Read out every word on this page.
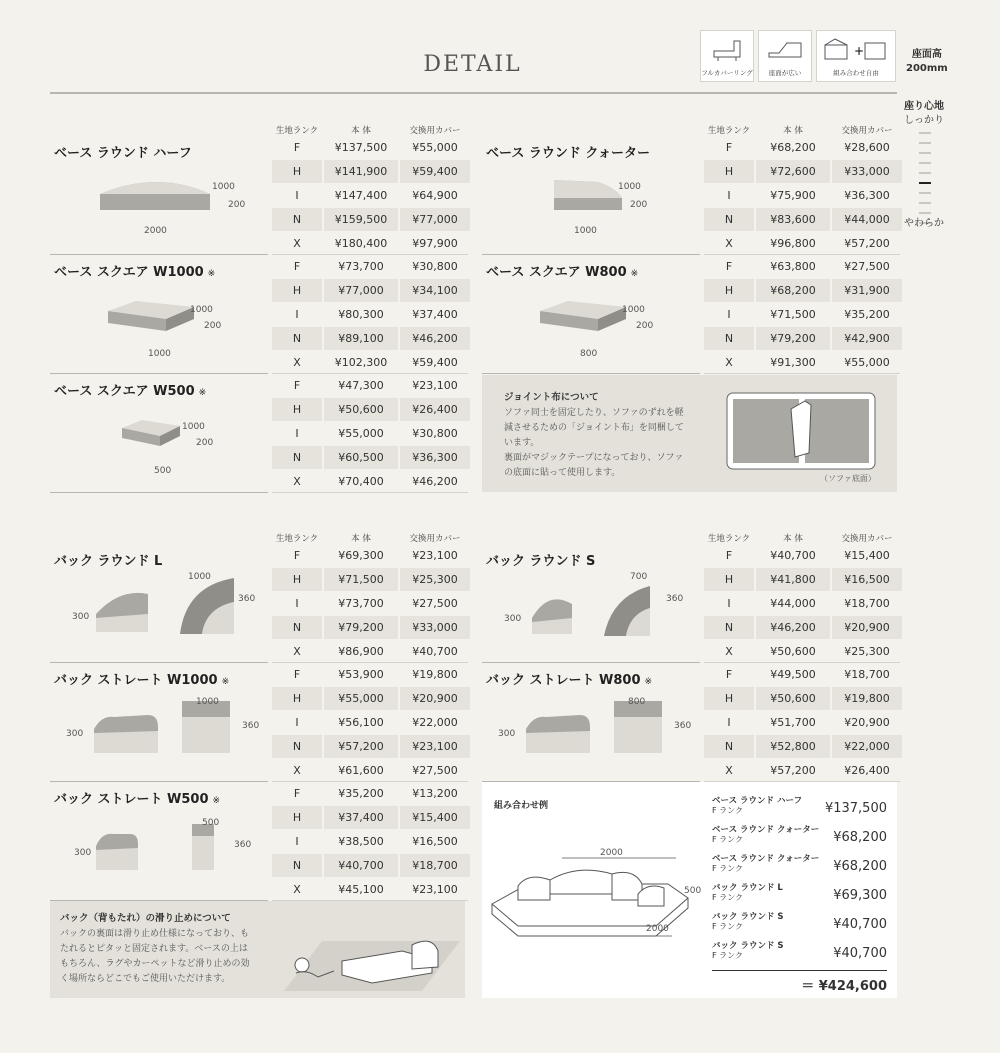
DETAIL	フルカバーリング	座面が広い
+
組み合わせ自由
座面高
200mm
座り心地
しっかり
やわらか
生地ランク	本 体	交換用カバー	生地ランク	本 体	交換用カバー
生地ランク	本 体	交換用カバー	生地ランク	本 体	交換用カバー
ベース ラウンド ハーフ
1000
200
2000
F	¥137,500	¥55,000
H	¥141,900	¥59,400
I	¥147,400	¥64,900
N	¥159,500	¥77,000
X	¥180,400	¥97,900
ベース ラウンド クォーター
1000
200
1000
F	¥68,200	¥28,600
H	¥72,600	¥33,000
I	¥75,900	¥36,300
N	¥83,600	¥44,000
X	¥96,800	¥57,200
ベース スクエア W1000 ※
1000
200
1000
F	¥73,700	¥30,800
H	¥77,000	¥34,100
I	¥80,300	¥37,400
N	¥89,100	¥46,200
X	¥102,300	¥59,400
ベース スクエア W800 ※
1000
200
800
F	¥63,800	¥27,500
H	¥68,200	¥31,900
I	¥71,500	¥35,200
N	¥79,200	¥42,900
X	¥91,300	¥55,000
ベース スクエア W500 ※
1000
200
500
F	¥47,300	¥23,100
H	¥50,600	¥26,400
I	¥55,000	¥30,800
N	¥60,500	¥36,300
X	¥70,400	¥46,200
バック ラウンド L
1000
360
300
F	¥69,300	¥23,100
H	¥71,500	¥25,300
I	¥73,700	¥27,500
N	¥79,200	¥33,000
X	¥86,900	¥40,700
バック ラウンド S
700
360
300
F	¥40,700	¥15,400
H	¥41,800	¥16,500
I	¥44,000	¥18,700
N	¥46,200	¥20,900
X	¥50,600	¥25,300
バック ストレート W1000 ※
1000
360
300
F	¥53,900	¥19,800
H	¥55,000	¥20,900
I	¥56,100	¥22,000
N	¥57,200	¥23,100
X	¥61,600	¥27,500
バック ストレート W800 ※
800
360
300
F	¥49,500	¥18,700
H	¥50,600	¥19,800
I	¥51,700	¥20,900
N	¥52,800	¥22,000
X	¥57,200	¥26,400
バック ストレート W500 ※
500
360
300
F	¥35,200	¥13,200
H	¥37,400	¥15,400
I	¥38,500	¥16,500
N	¥40,700	¥18,700
X	¥45,100	¥23,100
ジョイント布について
ソファ同士を固定したり、ソファのずれを軽
減させるための「ジョイント布」を同梱して
います。
裏面がマジックテープになっており、ソファ
の底面に貼って使用します。
（ソファ底面）
バック（背もたれ）の滑り止めについて
バックの裏面は滑り止め仕様になっており、も
たれるとピタッと固定されます。ベースの上は
もちろん、ラグやカーペットなど滑り止めの効
く場所ならどこでもご使用いただけます。
組み合わせ例
2000
500
2000
ベース ラウンド ハーフ
F ランク	¥137,500
ベース ラウンド クォーター
F ランク	¥68,200
ベース ラウンド クォーター
F ランク	¥68,200
バック ラウンド L
F ランク	¥69,300
バック ラウンド S
F ランク	¥40,700
バック ラウンド S
F ランク	¥40,700
＝ ¥424,600
